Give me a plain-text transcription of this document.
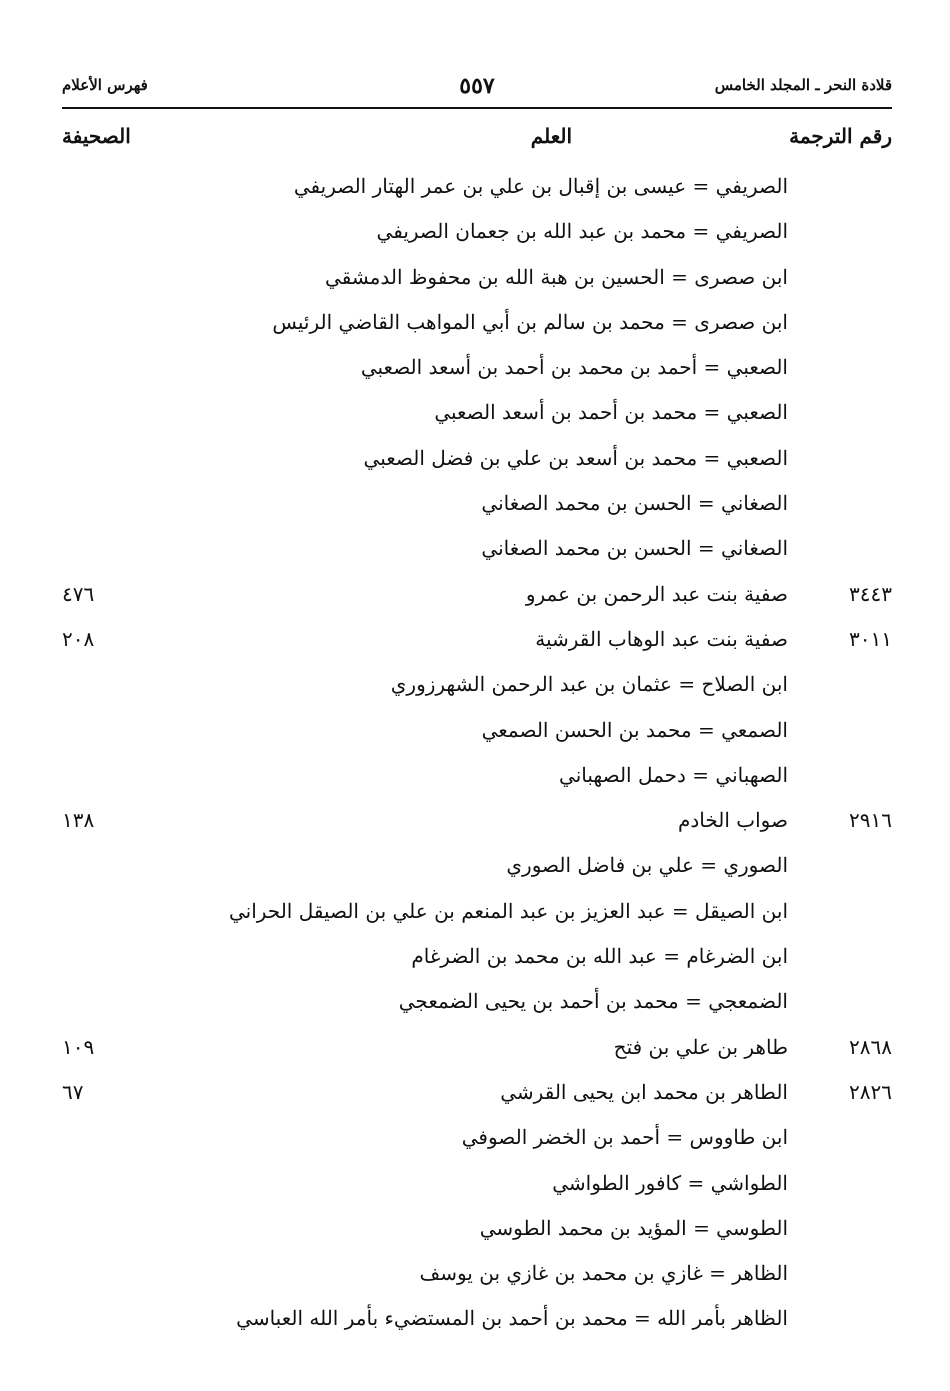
قلادة النحر ـ المجلد الخامس
٥٥٧
فهرس الأعلام
رقم الترجمة
العلم
الصحيفة
الصريفي = عيسى بن إقبال بن علي بن عمر الهتار الصريفي
الصريفي = محمد بن عبد الله بن جعمان الصريفي
ابن صصرى = الحسين بن هبة الله بن محفوظ الدمشقي
ابن صصرى = محمد بن سالم بن أبي المواهب القاضي الرئيس
الصعبي = أحمد بن محمد بن أحمد بن أسعد الصعبي
الصعبي = محمد بن أحمد بن أسعد الصعبي
الصعبي = محمد بن أسعد بن علي بن فضل الصعبي
الصغاني = الحسن بن محمد الصغاني
الصغاني = الحسن بن محمد الصغاني
٣٤٤٣
صفية بنت عبد الرحمن بن عمرو
٤٧٦
٣٠١١
صفية بنت عبد الوهاب القرشية
٢٠٨
ابن الصلاح = عثمان بن عبد الرحمن الشهرزوري
الصمعي = محمد بن الحسن الصمعي
الصهباني = دحمل الصهباني
٢٩١٦
صواب الخادم
١٣٨
الصوري = علي بن فاضل الصوري
ابن الصيقل = عبد العزيز بن عبد المنعم بن علي بن الصيقل الحراني
ابن الضرغام = عبد الله بن محمد بن الضرغام
الضمعجي = محمد بن أحمد بن يحيى الضمعجي
٢٨٦٨
طاهر بن علي بن فتح
١٠٩
٢٨٢٦
الطاهر بن محمد ابن يحيى القرشي
٦٧
ابن طاووس = أحمد بن الخضر الصوفي
الطواشي = كافور الطواشي
الطوسي = المؤيد بن محمد الطوسي
الظاهر = غازي بن محمد بن غازي بن يوسف
الظاهر بأمر الله = محمد بن أحمد بن المستضيء بأمر الله العباسي
